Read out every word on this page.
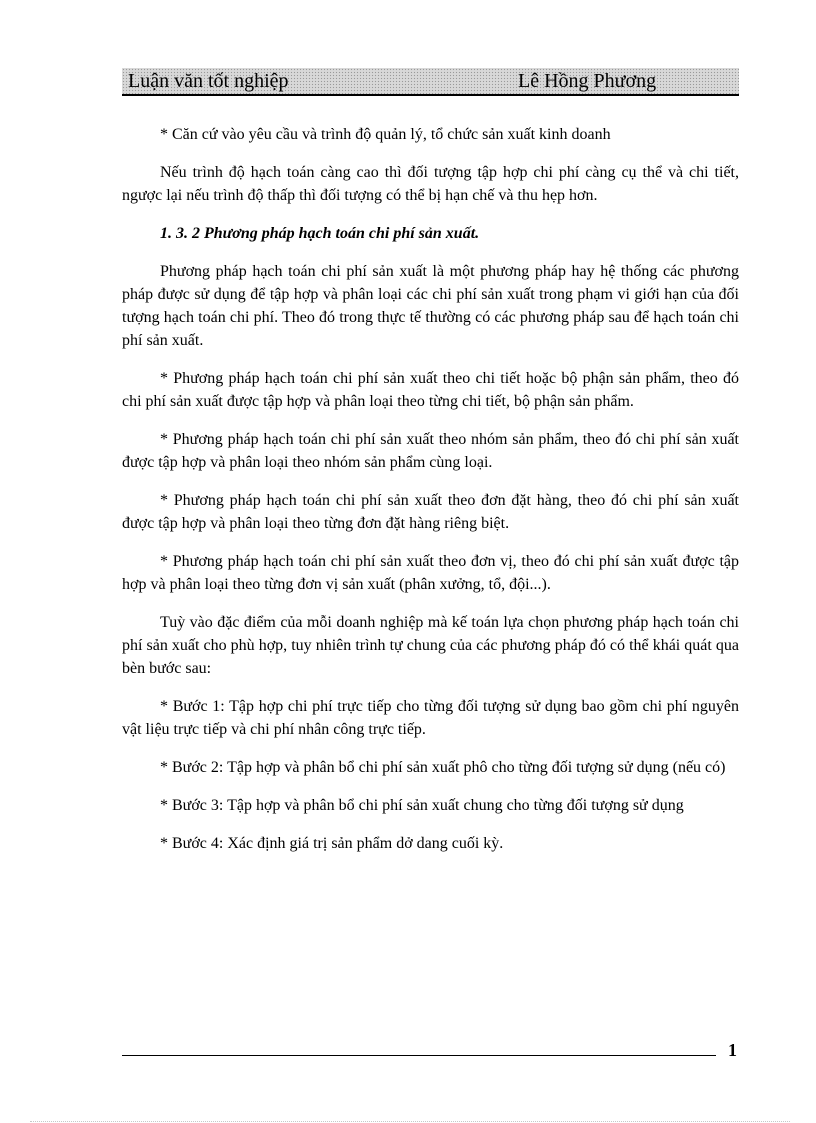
Luận văn tốt nghiệp	Lê Hồng Phương

* Căn cứ vào yêu cầu và trình độ quản lý, tổ chức sản xuất kinh doanh

Nếu trình độ hạch toán càng cao thì đối tượng tập hợp chi phí càng cụ thể và chi tiết, ngược lại nếu trình độ thấp thì đối tượng có thể bị hạn chế và thu hẹp hơn.

1. 3. 2 Phương pháp hạch toán chi phí sản xuất.

Phương pháp hạch toán chi phí sản xuất là một phương pháp hay hệ thống các phương pháp được sử dụng để tập hợp và phân loại các chi phí sản xuất trong phạm vi giới hạn của đối tượng hạch toán chi phí. Theo đó trong thực tế thường có các phương pháp sau để hạch toán chi phí sản xuất.

* Phương pháp hạch toán chi phí sản xuất theo chi tiết hoặc bộ phận sản phẩm, theo đó chi phí sản xuất được tập hợp và phân loại theo từng chi tiết, bộ phận sản phẩm.

* Phương pháp hạch toán chi phí sản xuất theo nhóm sản phẩm, theo đó chi phí sản xuất được tập hợp và phân loại theo nhóm sản phẩm cùng loại.

* Phương pháp hạch toán chi phí sản xuất theo đơn đặt hàng, theo đó chi phí sản xuất được tập hợp và phân loại theo từng đơn đặt hàng riêng biệt.

* Phương pháp hạch toán chi phí sản xuất theo đơn vị, theo đó chi phí sản xuất được tập hợp và phân loại theo từng đơn vị sản xuất (phân xưởng, tổ, đội...).

Tuỳ vào đặc điểm của mỗi doanh nghiệp mà kế toán lựa chọn phương pháp hạch toán chi phí sản xuất cho phù hợp, tuy nhiên trình tự chung của các phương pháp đó có thể khái quát qua bèn bước sau:

* Bước 1: Tập hợp chi phí trực tiếp cho từng đối tượng sử dụng bao gồm chi phí nguyên vật liệu trực tiếp và chi phí nhân công trực tiếp.

* Bước 2: Tập hợp và phân bổ chi phí sản xuất phô cho từng đối tượng sử dụng (nếu có)

* Bước 3: Tập hợp và phân bổ chi phí sản xuất chung cho từng đối tượng sử dụng

* Bước 4: Xác định giá trị sản phẩm dở dang cuối kỳ.

1
